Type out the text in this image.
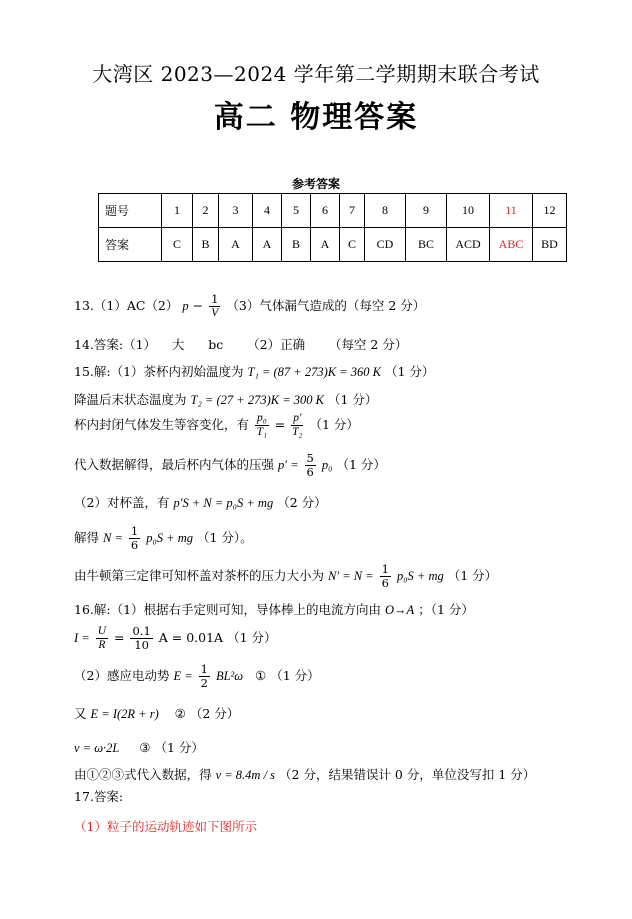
大湾区 2023—2024 学年第二学期期末联合考试
高二 物理答案
参考答案
题号	1	2	3	4	5	6	7	8	9	10	11	12
答案	C	B	A	A	B	A	C	CD	BC	ACD	ABC	BD
13.（1）AC（2） $p - \frac{1}{V} (3)$气体漏气造成的（每空 2 分）
14.答案:（1）    大      bc      （2）正确      （每空 2 分）
15.解:（1）茶杯内初始温度为 T₁ = (87 + 273)K = 360 K （1 分）
降温后末状态温度为 T₂ = (27 + 273)K = 300 K （1 分）
杯内封闭气体发生等容变化，有 $\frac{\text{p₀}}{\text{T₁}} = \frac{p'}{\text{T₂}} (1$ 分）
代入数据解得，最后杯内气体的压强 $p' = \frac{5}{6} p_0$ （1 分）
（2）对杯盖，有 p′S + N = p₀S + mg （2 分）
解得 $N = \frac{1}{6} p_0S$ + mg （1 分）。
由牛顿第三定律可知杯盖对茶杯的压力大小为 $N' = N = \frac{1}{6} p_0S$ + mg （1 分）
16.解:（1）根据右手定则可知，导体棒上的电流方向由 O→A ；（1 分）
$I = \frac{U}{R} = \frac{0.1}{10}$ A = 0.01A （1 分）
（2）感应电动势 $E = \frac{1}{2} BL^2\omega$ ① （1 分）
又 E = I(2R + r) ② （2 分）
v = ω·2L ③ （1 分）
由①②③式代入数据，得 v = 8.4m / s （2 分，结果错误计 0 分，单位没写扣 1 分）
17.答案:
（1）粒子的运动轨迹如下图所示
